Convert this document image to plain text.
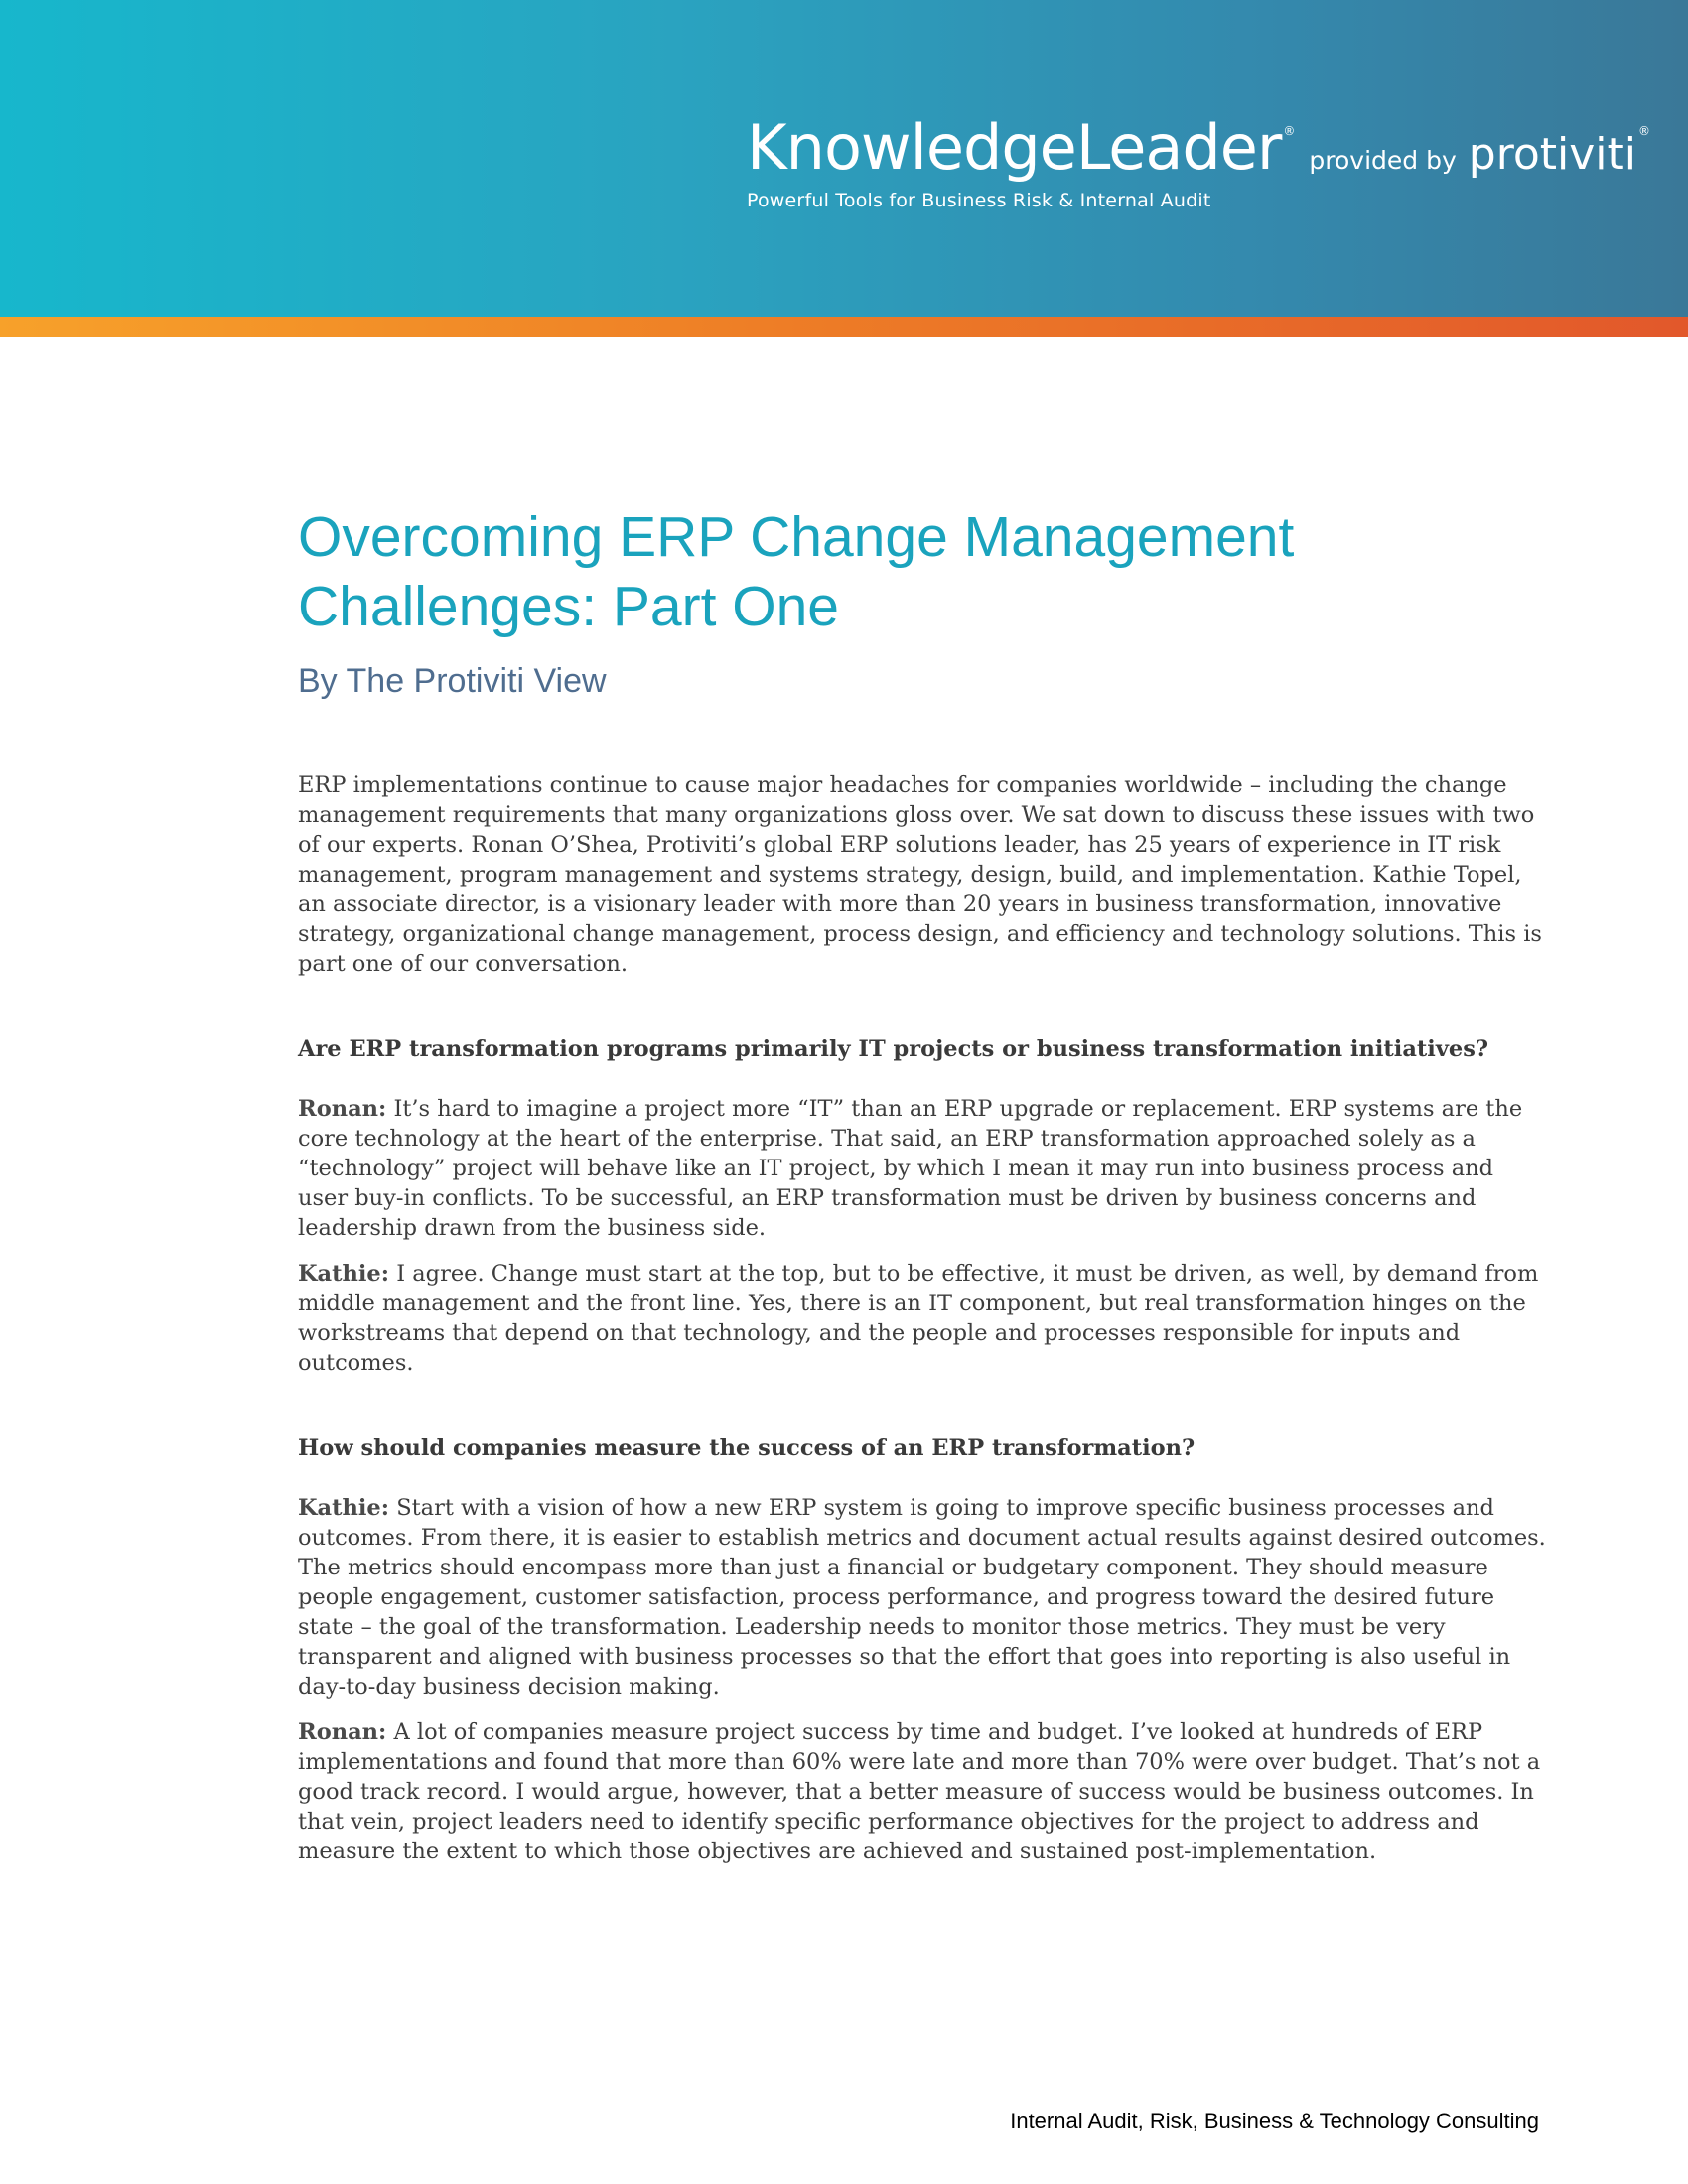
KnowledgeLeader ®
provided by protiviti ®
Powerful Tools for Business Risk & Internal Audit
Overcoming ERP Change Management Challenges: Part One

By The Protiviti View

ERP implementations continue to cause major headaches for companies worldwide – including the change management requirements that many organizations gloss over. We sat down to discuss these issues with two of our experts. Ronan O’Shea, Protiviti’s global ERP solutions leader, has 25 years of experience in IT risk management, program management and systems strategy, design, build, and implementation. Kathie Topel, an associate director, is a visionary leader with more than 20 years in business transformation, innovative strategy, organizational change management, process design, and efficiency and technology solutions. This is part one of our conversation.

Are ERP transformation programs primarily IT projects or business transformation initiatives?

Ronan: It’s hard to imagine a project more “IT” than an ERP upgrade or replacement. ERP systems are the core technology at the heart of the enterprise. That said, an ERP transformation approached solely as a “technology” project will behave like an IT project, by which I mean it may run into business process and user buy-in conflicts. To be successful, an ERP transformation must be driven by business concerns and leadership drawn from the business side.

Kathie: I agree. Change must start at the top, but to be effective, it must be driven, as well, by demand from middle management and the front line. Yes, there is an IT component, but real transformation hinges on the workstreams that depend on that technology, and the people and processes responsible for inputs and outcomes.

How should companies measure the success of an ERP transformation?

Kathie: Start with a vision of how a new ERP system is going to improve specific business processes and outcomes. From there, it is easier to establish metrics and document actual results against desired outcomes. The metrics should encompass more than just a financial or budgetary component. They should measure people engagement, customer satisfaction, process performance, and progress toward the desired future state – the goal of the transformation. Leadership needs to monitor those metrics. They must be very transparent and aligned with business processes so that the effort that goes into reporting is also useful in day-to-day business decision making.

Ronan: A lot of companies measure project success by time and budget. I’ve looked at hundreds of ERP implementations and found that more than 60% were late and more than 70% were over budget. That’s not a good track record. I would argue, however, that a better measure of success would be business outcomes. In that vein, project leaders need to identify specific performance objectives for the project to address and measure the extent to which those objectives are achieved and sustained post-implementation.

Internal Audit, Risk, Business & Technology Consulting
